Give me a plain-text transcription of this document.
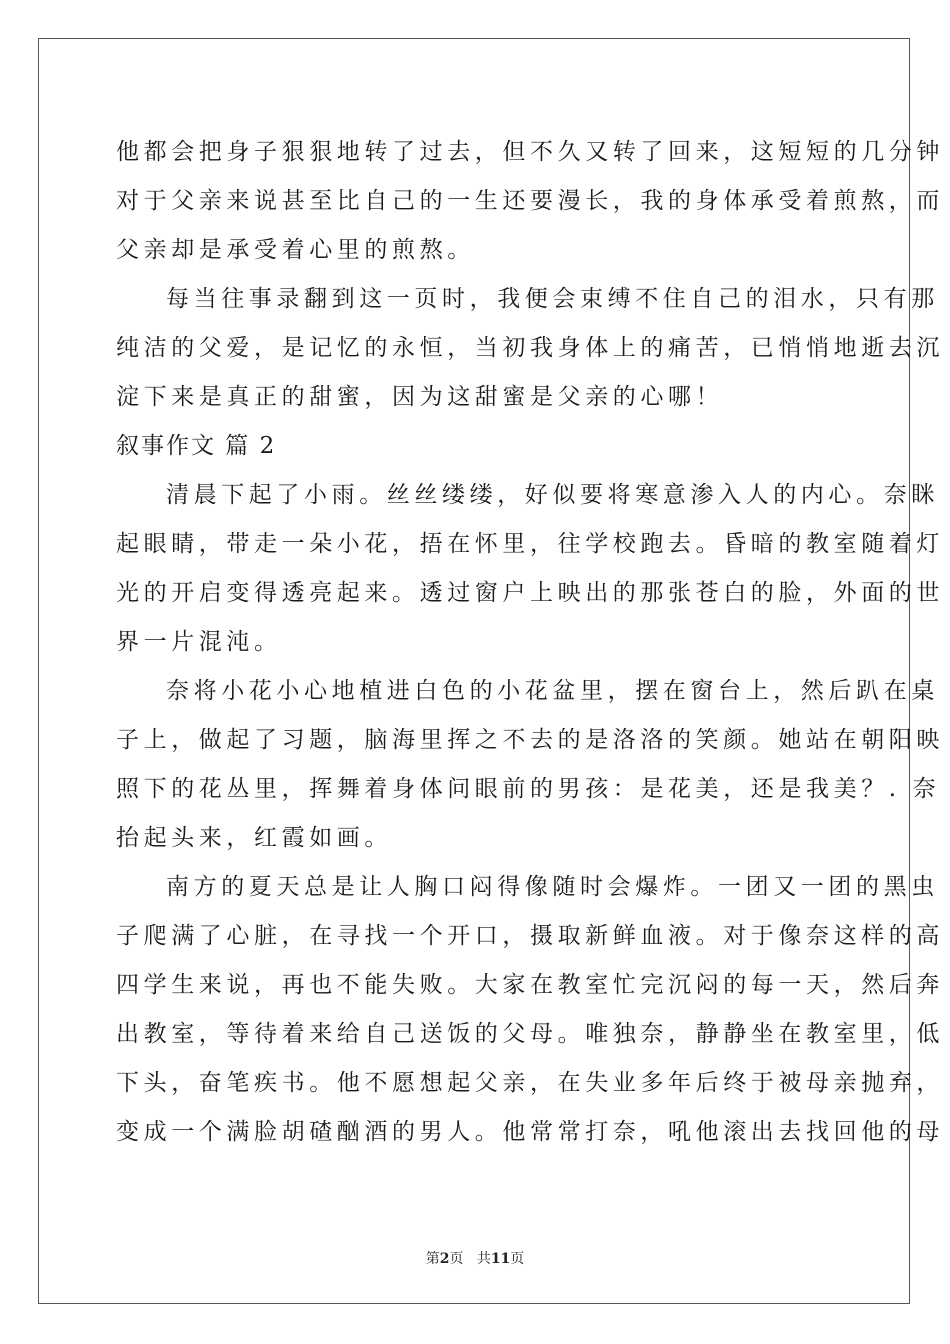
他都会把身子狠狠地转了过去，但不久又转了回来，这短短的几分钟
对于父亲来说甚至比自己的一生还要漫长，我的身体承受着煎熬，而
父亲却是承受着心里的煎熬。
每当往事录翻到这一页时，我便会束缚不住自己的泪水，只有那
纯洁的父爱，是记忆的永恒，当初我身体上的痛苦，已悄悄地逝去沉
淀下来是真正的甜蜜，因为这甜蜜是父亲的心哪！
叙事作文 篇 2
清晨下起了小雨。丝丝缕缕，好似要将寒意渗入人的内心。奈眯
起眼睛，带走一朵小花，捂在怀里，往学校跑去。昏暗的教室随着灯
光的开启变得透亮起来。透过窗户上映出的那张苍白的脸，外面的世
界一片混沌。
奈将小花小心地植进白色的小花盆里，摆在窗台上，然后趴在桌
子上，做起了习题，脑海里挥之不去的是洛洛的笑颜。她站在朝阳映
照下的花丛里，挥舞着身体问眼前的男孩：是花美，还是我美？. 奈
抬起头来，红霞如画。
南方的夏天总是让人胸口闷得像随时会爆炸。一团又一团的黑虫
子爬满了心脏，在寻找一个开口，摄取新鲜血液。对于像奈这样的高
四学生来说，再也不能失败。大家在教室忙完沉闷的每一天，然后奔
出教室，等待着来给自己送饭的父母。唯独奈，静静坐在教室里，低
下头，奋笔疾书。他不愿想起父亲，在失业多年后终于被母亲抛弃，
变成一个满脸胡碴酗酒的男人。他常常打奈，吼他滚出去找回他的母
第2页 共11页
